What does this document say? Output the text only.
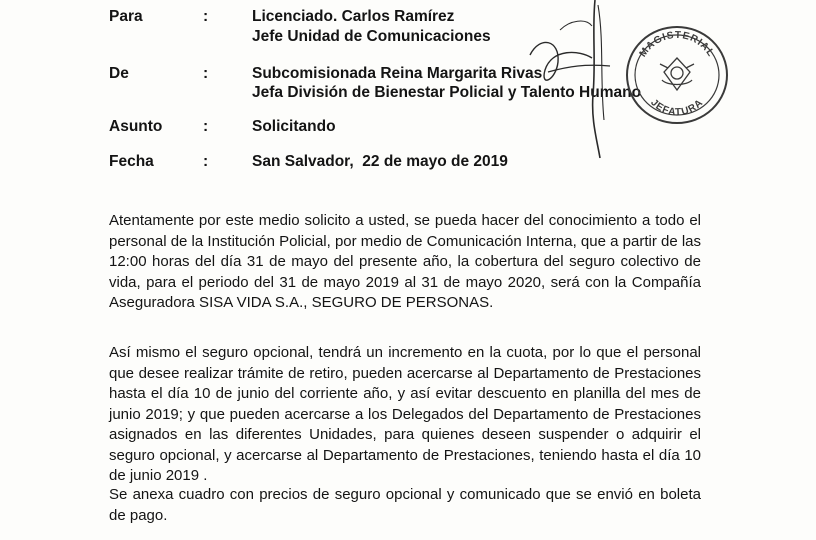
Para	:	Licenciado. Carlos Ramírez
Jefe Unidad de Comunicaciones
De	:	Subcomisionada Reina Margarita Rivas
Jefa División de Bienestar Policial y Talento Humano
Asunto	:	Solicitando
Fecha	:	San Salvador,  22 de mayo de 2019
MAGISTERIAL
JEFATURA

Atentamente por este medio solicito a usted, se pueda hacer del conocimiento a todo el personal de la Institución Policial, por medio de Comunicación Interna, que a partir de las 12:00 horas del día 31 de mayo del presente año, la cobertura del seguro colectivo de vida, para el periodo del 31 de mayo 2019 al 31 de mayo 2020, será con la Compañía Aseguradora SISA VIDA S.A., SEGURO DE PERSONAS.

Así mismo el seguro opcional, tendrá un incremento en la cuota, por lo que el personal que desee realizar trámite de retiro, pueden acercarse al Departamento de Prestaciones hasta el día 10 de junio del corriente año, y así evitar descuento en planilla del mes de junio 2019; y que pueden acercarse a los Delegados del Departamento de Prestaciones asignados en las diferentes Unidades, para quienes deseen suspender o adquirir el seguro opcional, y acercarse al Departamento de Prestaciones, teniendo hasta el día 10 de junio 2019 .

Se anexa cuadro con precios de seguro opcional y comunicado que se envió en boleta de pago.
